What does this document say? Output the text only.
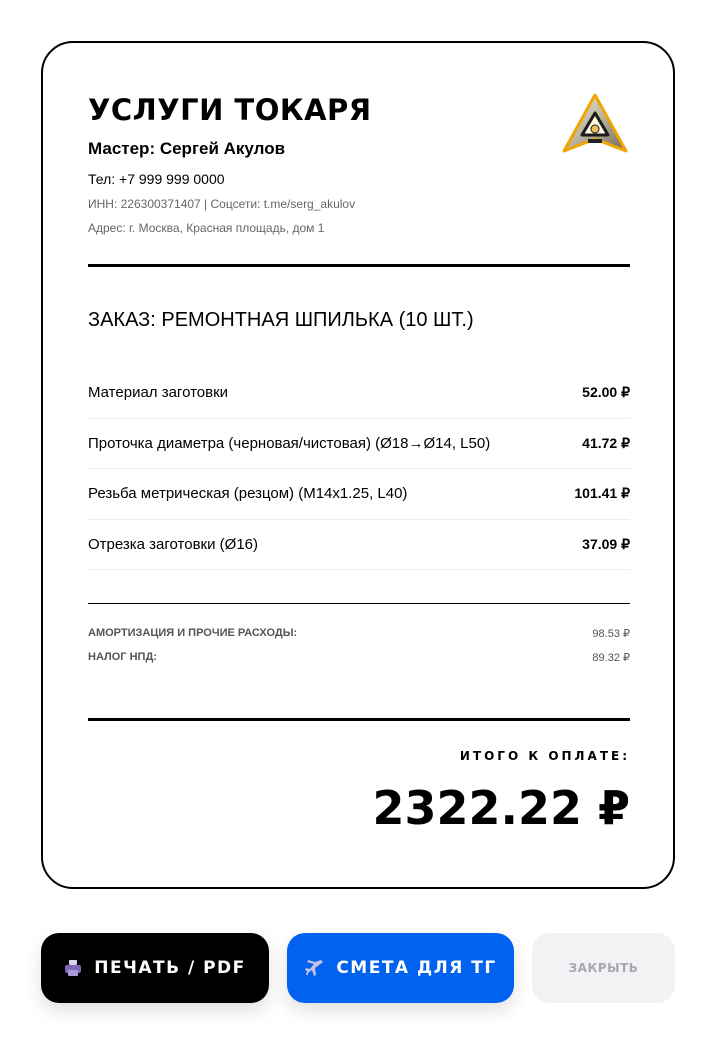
УСЛУГИ ТОКАРЯ
Мастер: Сергей Акулов
Тел: +7 999 999 0000
ИНН: 226300371407 | Соцсети: t.me/serg_akulov
Адрес: г. Москва, Красная площадь, дом 1
ЗАКАЗ: РЕМОНТНАЯ ШПИЛЬКА (10 ШТ.)
Материал заготовки	52.00 ₽
Проточка диаметра (черновая/чистовая) (Ø18→Ø14, L50)	41.72 ₽
Резьба метрическая (резцом) (M14x1.25, L40)	101.41 ₽
Отрезка заготовки (Ø16)	37.09 ₽
АМОРТИЗАЦИЯ И ПРОЧИЕ РАСХОДЫ:	98.53 ₽
НАЛОГ НПД:	89.32 ₽
ИТОГО К ОПЛАТЕ:
2322.22 ₽
ПЕЧАТЬ / PDF	СМЕТА ДЛЯ ТГ	ЗАКРЫТЬ
